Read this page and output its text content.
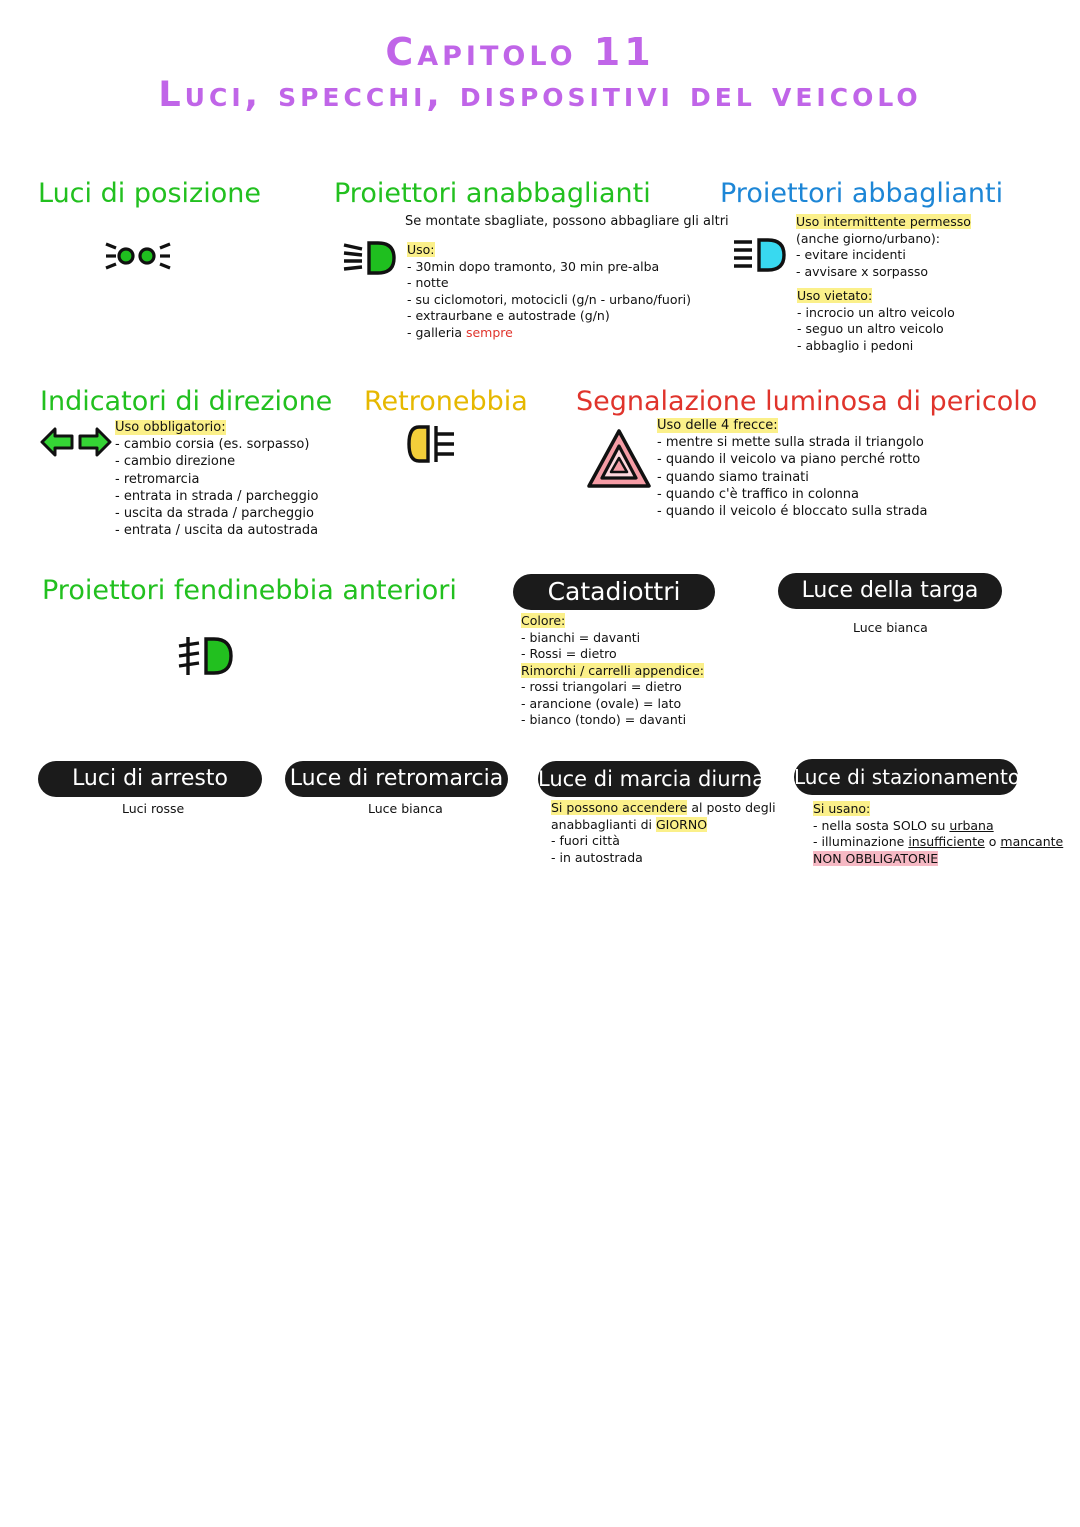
Capitolo 11
Luci, specchi, dispositivi del veicolo
Luci di posizione	Proiettori anabbaglianti
Se montate sbagliate, possono abbagliare gli altri
Uso:
- 30min dopo tramonto, 30 min pre-alba
- notte
- su ciclomotori, motocicli (g/n - urbano/fuori)
- extraurbane e autostrade (g/n)
- galleria sempre
Proiettori abbaglianti
Uso intermittente permesso
(anche giorno/urbano):
- evitare incidenti
- avvisare x sorpasso
Uso vietato:
- incrocio un altro veicolo
- seguo un altro veicolo
- abbaglio i pedoni
Indicatori di direzione
Uso obbligatorio:
- cambio corsia (es. sorpasso)
- cambio direzione
- retromarcia
- entrata in strada / parcheggio
- uscita da strada / parcheggio
- entrata / uscita da autostrada
Retronebbia Segnalazione luminosa di pericolo
Uso delle 4 frecce:
- mentre si mette sulla strada il triangolo
- quando il veicolo va piano perché rotto
- quando siamo trainati
- quando c'è traffico in colonna
- quando il veicolo é bloccato sulla strada
Proiettori fendinebbia anteriori	Catadiottri
Colore:
- bianchi = davanti
- Rossi = dietro
Rimorchi / carrelli appendice:
- rossi triangolari = dietro
- arancione (ovale) = lato
- bianco (tondo) = davanti
Luce della targa
Luce bianca
Luci di arresto
Luci rosse
Luce di retromarcia
Luce bianca
Luce di marcia diurna
Si possono accendere al posto degli
anabbaglianti di GIORNO
- fuori città
- in autostrada
Luce di stazionamento
Si usano:
- nella sosta SOLO su urbana
- illuminazione insufficiente o mancante
NON OBBLIGATORIE
